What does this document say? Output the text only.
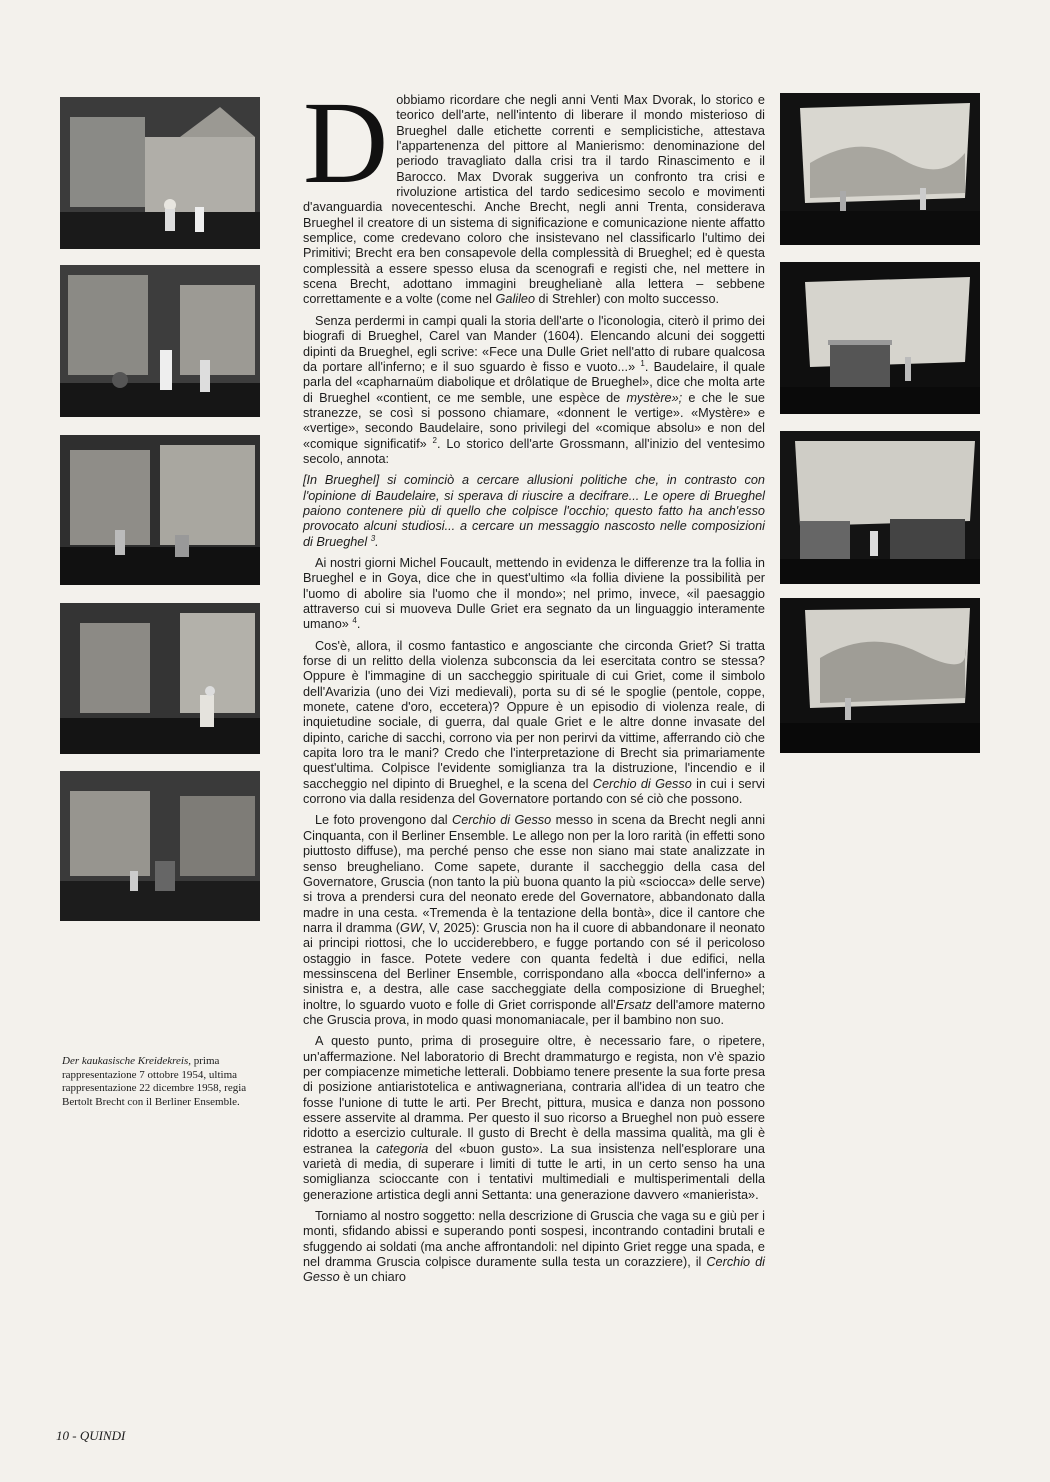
Der kaukasische Kreidekreis, prima rappresentazione 7 ottobre 1954, ultima rappresentazione 22 dicembre 1958, regia Bertolt Brecht con il Berliner Ensemble.

Dobbiamo ricordare che negli anni Venti Max Dvorak, lo storico e teorico dell'arte, nell'intento di liberare il mondo misterioso di Brueghel dalle etichette correnti e semplicistiche, attestava l'appartenenza del pittore al Manierismo: denominazione del periodo travagliato dalla crisi tra il tardo Rinascimento e il Barocco. Max Dvorak suggeriva un confronto tra crisi e rivoluzione artistica del tardo sedicesimo secolo e movimenti d'avanguardia novecenteschi. Anche Brecht, negli anni Trenta, considerava Brueghel il creatore di un sistema di significazione e comunicazione niente affatto semplice, come credevano coloro che insistevano nel classificarlo l'ultimo dei Primitivi; Brecht era ben consapevole della complessità di Brueghel; ed è questa complessità a essere spesso elusa da scenografi e registi che, nel mettere in scena Brecht, adottano immagini breughelianè alla lettera – sebbene correttamente e a volte (come nel Galileo di Strehler) con molto successo.

Senza perdermi in campi quali la storia dell'arte o l'iconologia, citerò il primo dei biografi di Brueghel, Carel van Mander (1604). Elencando alcuni dei soggetti dipinti da Brueghel, egli scrive: «Fece una Dulle Griet nell'atto di rubare qualcosa da portare all'inferno; e il suo sguardo è fisso e vuoto...» $^1$. Baudelaire, il quale parla del «capharnaüm diabolique et drôlatique de Brueghel», dice che molta arte di Brueghel «contient, ce me semble, une espèce de mystère»; e che le sue stranezze, se così si possono chiamare, «donnent le vertige». «Mystère» e «vertige», secondo Baudelaire, sono privilegi del «comique absolu» e non del «comique significatif» $^2$. Lo storico dell'arte Grossmann, all'inizio del ventesimo secolo, annota:

[In Brueghel] si cominciò a cercare allusioni politiche che, in contrasto con l'opinione di Baudelaire, si sperava di riuscire a decifrare... Le opere di Brueghel paiono contenere più di quello che colpisce l'occhio; questo fatto ha anch'esso provocato alcuni studiosi... a cercare un messaggio nascosto nelle composizioni di Brueghel $^3$.

Ai nostri giorni Michel Foucault, mettendo in evidenza le differenze tra la follia in Brueghel e in Goya, dice che in quest'ultimo «la follia diviene la possibilità per l'uomo di abolire sia l'uomo che il mondo»; nel primo, invece, «il paesaggio attraverso cui si muoveva Dulle Griet era segnato da un linguaggio interamente umano» $^4$.

Cos'è, allora, il cosmo fantastico e angosciante che circonda Griet? Si tratta forse di un relitto della violenza subconscia da lei esercitata contro se stessa? Oppure è l'immagine di un saccheggio spirituale di cui Griet, come il simbolo dell'Avarizia (uno dei Vizi medievali), porta su di sé le spoglie (pentole, coppe, monete, catene d'oro, eccetera)? Oppure è un episodio di violenza reale, di inquietudine sociale, di guerra, dal quale Griet e le altre donne invasate del dipinto, cariche di sacchi, corrono via per non perirvi da vittime, afferrando ciò che capita loro tra le mani? Credo che l'interpretazione di Brecht sia primariamente quest'ultima. Colpisce l'evidente somiglianza tra la distruzione, l'incendio e il saccheggio nel dipinto di Brueghel, e la scena del Cerchio di Gesso in cui i servi corrono via dalla residenza del Governatore portando con sé ciò che possono.

Le foto provengono dal Cerchio di Gesso messo in scena da Brecht negli anni Cinquanta, con il Berliner Ensemble. Le allego non per la loro rarità (in effetti sono piuttosto diffuse), ma perché penso che esse non siano mai state analizzate in senso breugheliano. Come sapete, durante il saccheggio della casa del Governatore, Gruscia (non tanto la più buona quanto la più «sciocca» delle serve) si trova a prendersi cura del neonato erede del Governatore, abbandonato dalla madre in una cesta. «Tremenda è la tentazione della bontà», dice il cantore che narra il dramma (GW, V, 2025): Gruscia non ha il cuore di abbandonare il neonato ai principi riottosi, che lo ucciderebbero, e fugge portando con sé il pericoloso ostaggio in fasce. Potete vedere con quanta fedeltà i due edifici, nella messinscena del Berliner Ensemble, corrispondano alla «bocca dell'inferno» a sinistra e, a destra, alle case saccheggiate della composizione di Brueghel; inoltre, lo sguardo vuoto e folle di Griet corrisponde all'Ersatz dell'amore materno che Gruscia prova, in modo quasi monomaniacale, per il bambino non suo.

A questo punto, prima di proseguire oltre, è necessario fare, o ripetere, un'affermazione. Nel laboratorio di Brecht drammaturgo e regista, non v'è spazio per compiacenze mimetiche letterali. Dobbiamo tenere presente la sua forte presa di posizione antiaristotelica e antiwagneriana, contraria all'idea di un teatro che fosse l'unione di tutte le arti. Per Brecht, pittura, musica e danza non possono essere asservite al dramma. Per questo il suo ricorso a Brueghel non può essere ridotto a esercizio culturale. Il gusto di Brecht è della massima qualità, ma gli è estranea la categoria del «buon gusto». La sua insistenza nell'esplorare una varietà di media, di superare i limiti di tutte le arti, in un certo senso ha una somiglianza sciocсante con i tentativi multimediali e multisperimentali della generazione artistica degli anni Settanta: una generazione davvero «manierista».

Torniamo al nostro soggetto: nella descrizione di Gruscia che vaga su e giù per i monti, sfidando abissi e superando ponti sospesi, incontrando contadini brutali e sfuggendo ai soldati (ma anche affrontandoli: nel dipinto Griet regge una spada, e nel dramma Gruscia colpisce duramente sulla testa un corazziere), il Cerchio di Gesso è un chiaro

10 - QUINDI
